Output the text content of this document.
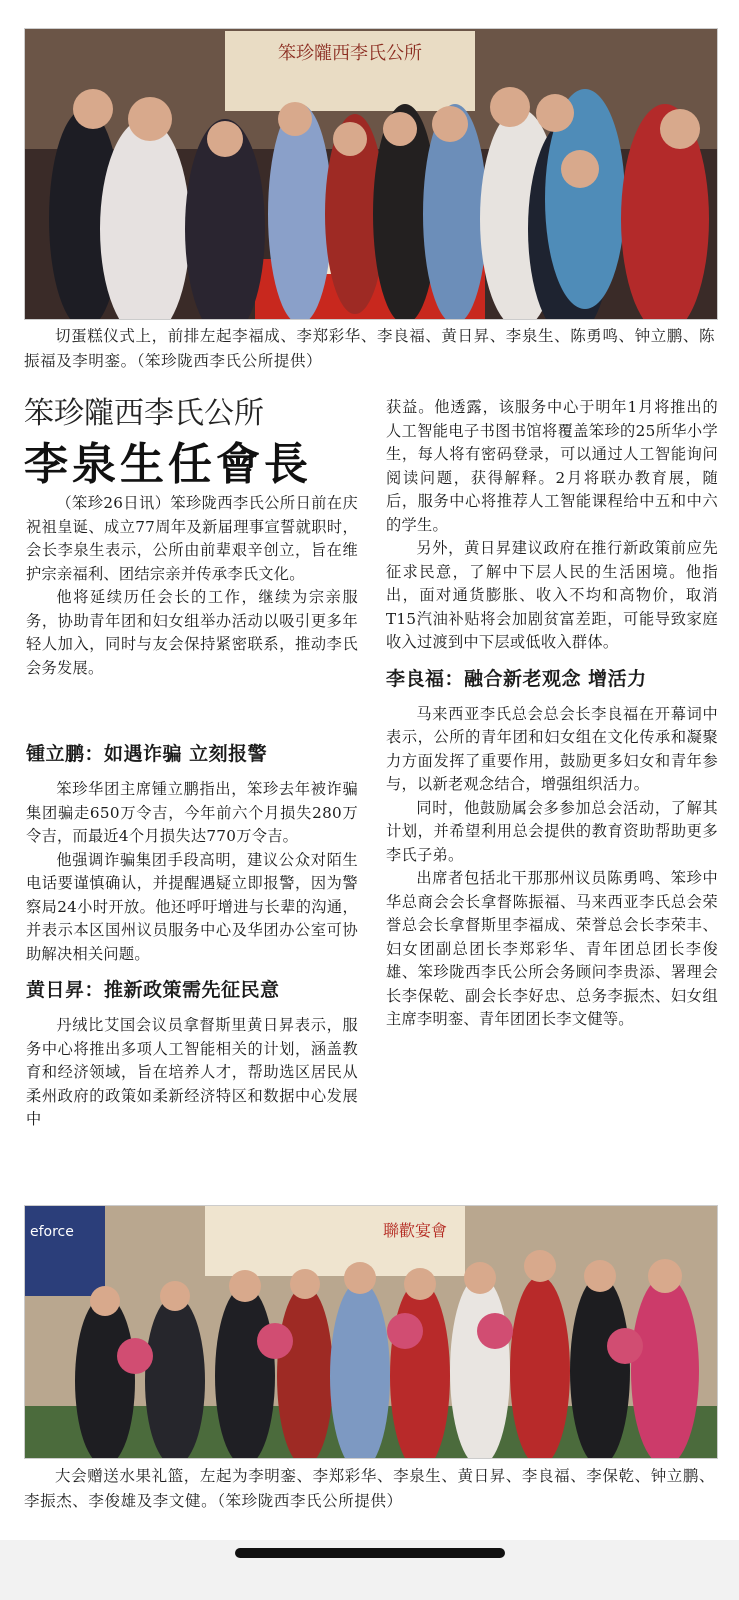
笨珍隴西李氏公所
切蛋糕仪式上，前排左起李福成、李郑彩华、李良福、黄日昇、李泉生、陈勇鸣、钟立鹏、陈振福及李明銮。（笨珍陇西李氏公所提供）
笨珍隴西李氏公所
李泉生任會長

（笨珍26日讯）笨珍陇西李氏公所日前在庆祝祖皇诞、成立77周年及新届理事宣誓就职时，会长李泉生表示，公所由前辈艰辛创立，旨在维护宗亲福利、团结宗亲并传承李氏文化。

他将延续历任会长的工作，继续为宗亲服务，协助青年团和妇女组举办活动以吸引更多年轻人加入，同时与友会保持紧密联系，推动李氏会务发展。

锺立鹏：如遇诈骗 立刻报警

笨珍华团主席锺立鹏指出，笨珍去年被诈骗集团骗走650万令吉，今年前六个月损失280万令吉，而最近4个月损失达770万令吉。

他强调诈骗集团手段高明，建议公众对陌生电话要谨慎确认，并提醒遇疑立即报警，因为警察局24小时开放。他还呼吁增进与长辈的沟通，并表示本区国州议员服务中心及华团办公室可协助解决相关问题。

黄日昇：推新政策需先征民意

丹绒比艾国会议员拿督斯里黄日昇表示，服务中心将推出多项人工智能相关的计划，涵盖教育和经济领域，旨在培养人才，帮助选区居民从柔州政府的政策如柔新经济特区和数据中心发展中

获益。他透露，该服务中心于明年1月将推出的人工智能电子书图书馆将覆盖笨珍的25所华小学生，每人将有密码登录，可以通过人工智能询问阅读问题，获得解释。2月将联办教育展，随后，服务中心将推荐人工智能课程给中五和中六的学生。

另外，黄日昇建议政府在推行新政策前应先征求民意，了解中下层人民的生活困境。他指出，面对通货膨胀、收入不均和高物价，取消T15汽油补贴将会加剧贫富差距，可能导致家庭收入过渡到中下层或低收入群体。

李良福：融合新老观念 增活力

马来西亚李氏总会总会长李良福在开幕词中表示，公所的青年团和妇女组在文化传承和凝聚力方面发挥了重要作用，鼓励更多妇女和青年参与，以新老观念结合，增强组织活力。

同时，他鼓励属会多参加总会活动，了解其计划，并希望利用总会提供的教育资助帮助更多李氏子弟。

出席者包括北干那那州议员陈勇鸣、笨珍中华总商会会长拿督陈振福、马来西亚李氏总会荣誉总会长拿督斯里李福成、荣誉总会长李荣丰、妇女团副总团长李郑彩华、青年团总团长李俊雄、笨珍陇西李氏公所会务顾问李贵添、署理会长李保乾、副会长李好忠、总务李振杰、妇女组主席李明銮、青年团团长李文健等。

eforce	聯歡宴會
大会赠送水果礼篮，左起为李明銮、李郑彩华、李泉生、黄日昇、李良福、李保乾、钟立鹏、李振杰、李俊雄及李文健。（笨珍陇西李氏公所提供）
